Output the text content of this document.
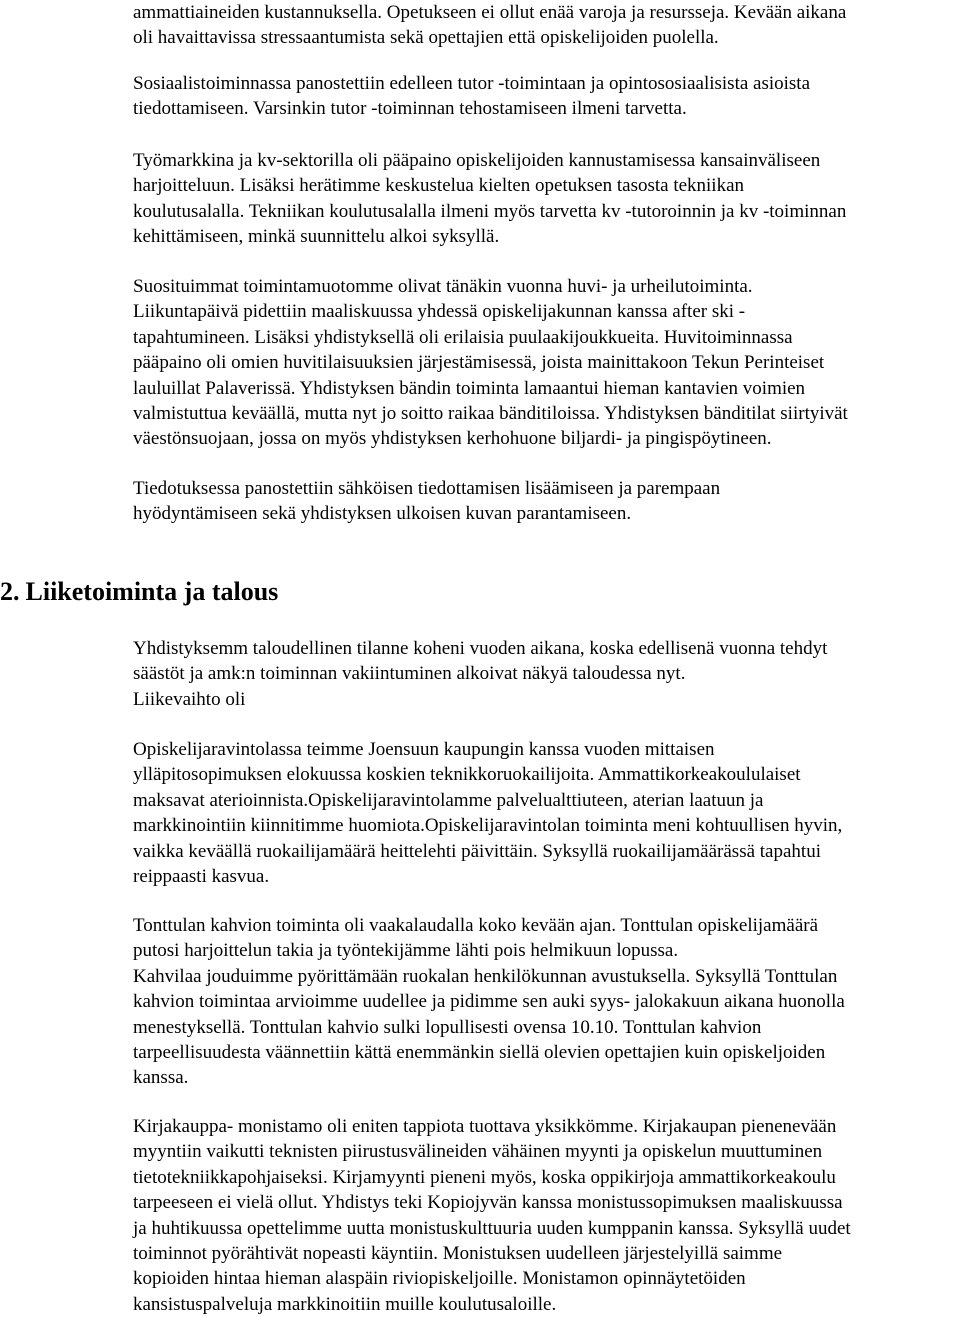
ammattiaineiden kustannuksella. Opetukseen ei ollut enää varoja ja resursseja. Kevään aikana
oli havaittavissa stressaantumista sekä opettajien että opiskelijoiden puolella.
Sosiaalistoiminnassa panostettiin edelleen tutor -toimintaan ja opintososiaalisista asioista
tiedottamiseen. Varsinkin tutor -toiminnan tehostamiseen ilmeni tarvetta.
Työmarkkina ja kv-sektorilla oli pääpaino opiskelijoiden kannustamisessa kansainväliseen
harjoitteluun. Lisäksi herätimme keskustelua kielten opetuksen tasosta tekniikan
koulutusalalla. Tekniikan koulutusalalla ilmeni myös tarvetta kv -tutoroinnin ja kv -toiminnan
kehittämiseen, minkä suunnittelu alkoi syksyllä.
Suosituimmat toimintamuotomme olivat tänäkin vuonna huvi- ja urheilutoiminta.
Liikuntapäivä pidettiin maaliskuussa yhdessä opiskelijakunnan kanssa after ski -
tapahtumineen. Lisäksi yhdistyksellä oli erilaisia puulaakijoukkueita. Huvitoiminnassa
pääpaino oli omien huvitilaisuuksien järjestämisessä, joista mainittakoon Tekun Perinteiset
lauluillat Palaverissä. Yhdistyksen bändin toiminta lamaantui hieman kantavien voimien
valmistuttua keväällä, mutta nyt jo soitto raikaa bänditiloissa. Yhdistyksen bänditilat siirtyivät
väestönsuojaan, jossa on myös yhdistyksen kerhohuone biljardi- ja pingispöytineen.
Tiedotuksessa panostettiin sähköisen tiedottamisen lisäämiseen ja parempaan
hyödyntämiseen sekä yhdistyksen ulkoisen kuvan parantamiseen.
2. Liiketoiminta ja talous
Yhdistyksemm taloudellinen tilanne koheni vuoden aikana, koska edellisenä vuonna tehdyt
säästöt ja amk:n toiminnan vakiintuminen alkoivat näkyä taloudessa nyt.
Liikevaihto oli
Opiskelijaravintolassa teimme Joensuun kaupungin kanssa vuoden mittaisen
ylläpitosopimuksen elokuussa koskien teknikkoruokailijoita. Ammattikorkeakoululaiset
maksavat aterioinnista.Opiskelijaravintolamme palvelualttiuteen, aterian laatuun ja
markkinointiin kiinnitimme huomiota.Opiskelijaravintolan toiminta meni kohtuullisen hyvin,
vaikka keväällä ruokailijamäärä heittelehti päivittäin. Syksyllä ruokailijamäärässä tapahtui
reippaasti kasvua.
Tonttulan kahvion toiminta oli vaakalaudalla koko kevään ajan. Tonttulan opiskelijamäärä
putosi harjoittelun takia ja työntekijämme lähti pois helmikuun lopussa.
Kahvilaa jouduimme pyörittämään ruokalan henkilökunnan avustuksella. Syksyllä Tonttulan
kahvion toimintaa arvioimme uudellee ja pidimme sen auki syys- jalokakuun aikana huonolla
menestyksellä. Tonttulan kahvio sulki lopullisesti ovensa 10.10. Tonttulan kahvion
tarpeellisuudesta väännettiin kättä enemmänkin siellä olevien opettajien kuin opiskeljoiden
kanssa.
Kirjakauppa- monistamo oli eniten tappiota tuottava yksikkömme. Kirjakaupan pienenevään
myyntiin vaikutti teknisten piirustusvälineiden vähäinen myynti ja opiskelun muuttuminen
tietotekniikkapohjaiseksi. Kirjamyynti pieneni myös, koska oppikirjoja ammattikorkeakoulu
tarpeeseen ei vielä ollut. Yhdistys teki Kopiojyvän kanssa monistussopimuksen maaliskuussa
ja huhtikuussa opettelimme uutta monistuskulttuuria uuden kumppanin kanssa. Syksyllä uudet
toiminnot pyörähtivät nopeasti käyntiin. Monistuksen uudelleen järjestelyillä saimme
kopioiden hintaa hieman alaspäin riviopiskeljoille. Monistamon opinnäytetöiden
kansistuspalveluja markkinoitiin muille koulutusaloille.
